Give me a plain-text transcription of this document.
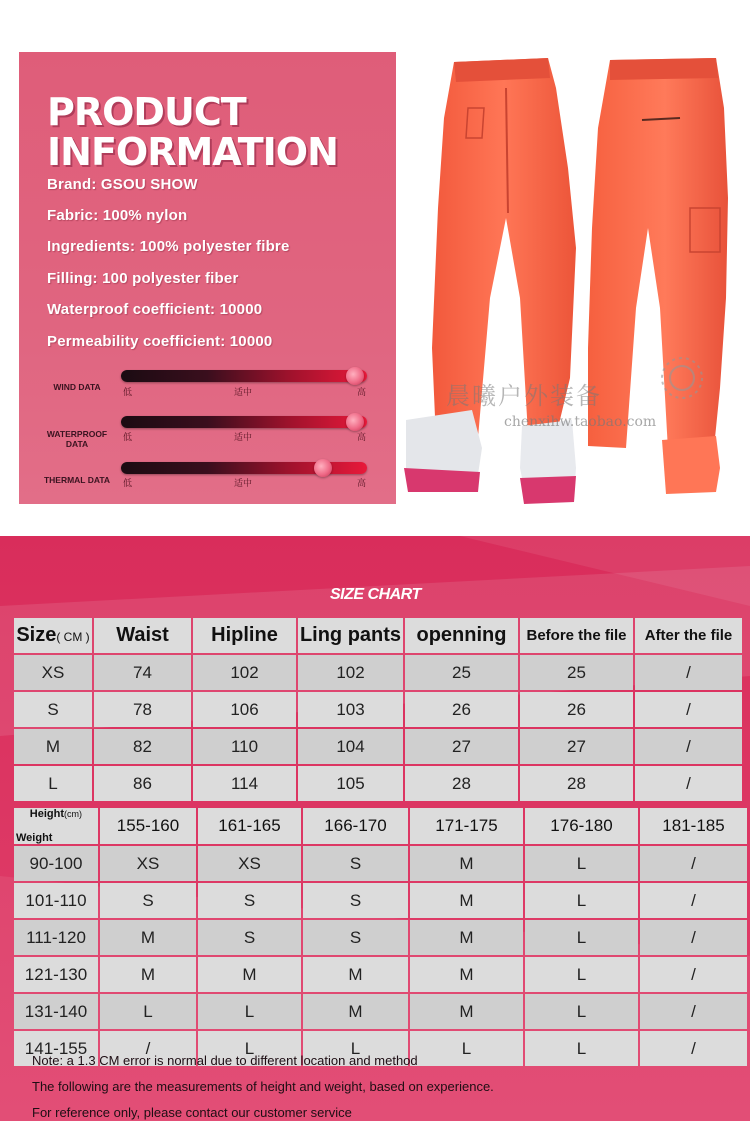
PRODUCT
INFORMATION
Brand: GSOU SHOW
Fabric: 100% nylon
Ingredients: 100% polyester fibre
Filling: 100 polyester fiber
Waterproof coefficient: 10000
Permeability coefficient: 10000
WIND DATA
低	适中	高
WATERPROOF DATA
低	适中	高
THERMAL DATA	低	适中	高
晨曦户外装备
chenxihw.taobao.com
SIZE CHART
Size( CM )	Waist	Hipline	Ling pants	openning	Before the file	After the file
XS	74	102	102	25	25	/
S	78	106	103	26	26	/
M	82	110	104	27	27	/
L	86	114	105	28	28	/
Height(cm)
Weight	155-160	161-165	166-170	171-175	176-180	181-185
90-100	XS	XS	S	M	L	/
101-110	S	S	S	M	L	/
111-120	M	S	S	M	L	/
121-130	M	M	M	M	L	/
131-140	L	L	M	M	L	/
141-155	/	L	L	L	L	/
Note: a 1.3 CM error is normal due to different location and method
The following are the measurements of height and weight, based on experience.
For reference only, please contact our customer service
